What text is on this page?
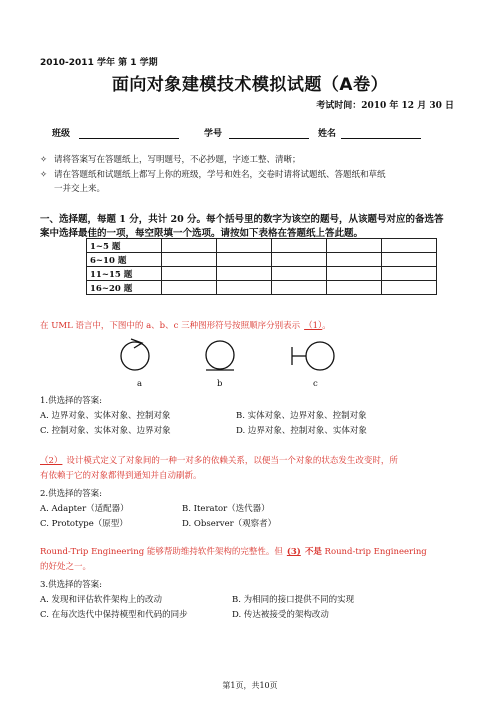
2010-2011 学年 第 1 学期
面向对象建模技术模拟试题（A卷）
考试时间：2010 年 12 月 30 日
班级	学号	姓名
✧ 请将答案写在答题纸上，写明题号，不必抄题，字迹工整、清晰；
✧ 请在答题纸和试题纸上都写上你的班级，学号和姓名，交卷时请将试题纸、答题纸和草纸
一并交上来。
一、选择题，每题 1 分，共计 20 分。每个括号里的数字为该空的题号，从该题号对应的备选答
案中选择最佳的一项，每空限填一个选项。请按如下表格在答题纸上答此题。
1~5 题					
6~10 题					
11~15 题					
16~20 题					
在 UML 语言中，下图中的 a、b、c 三种图形符号按照顺序分别表示 （1）。
a	b	c
1.供选择的答案:
A. 边界对象、实体对象、控制对象	B. 实体对象、边界对象、控制对象
C. 控制对象、实体对象、边界对象	D. 边界对象、控制对象、实体对象
（2） 设计模式定义了对象间的一种一对多的依赖关系，以便当一个对象的状态发生改变时，所
有依赖于它的对象都得到通知并自动刷新。
2.供选择的答案:
A. Adapter（适配器）	B. Iterator（迭代器）
C. Prototype（原型）	D. Observer（观察者）
Round-Trip Engineering 能够帮助维持软件架构的完整性。但 (3) 不是 Round-trip Engineering
的好处之一。
3.供选择的答案:
A. 发现和评估软件架构上的改动	B. 为相同的接口提供不同的实现
C. 在每次迭代中保持模型和代码的同步	D. 传达被接受的架构改动
第1页，共10页
